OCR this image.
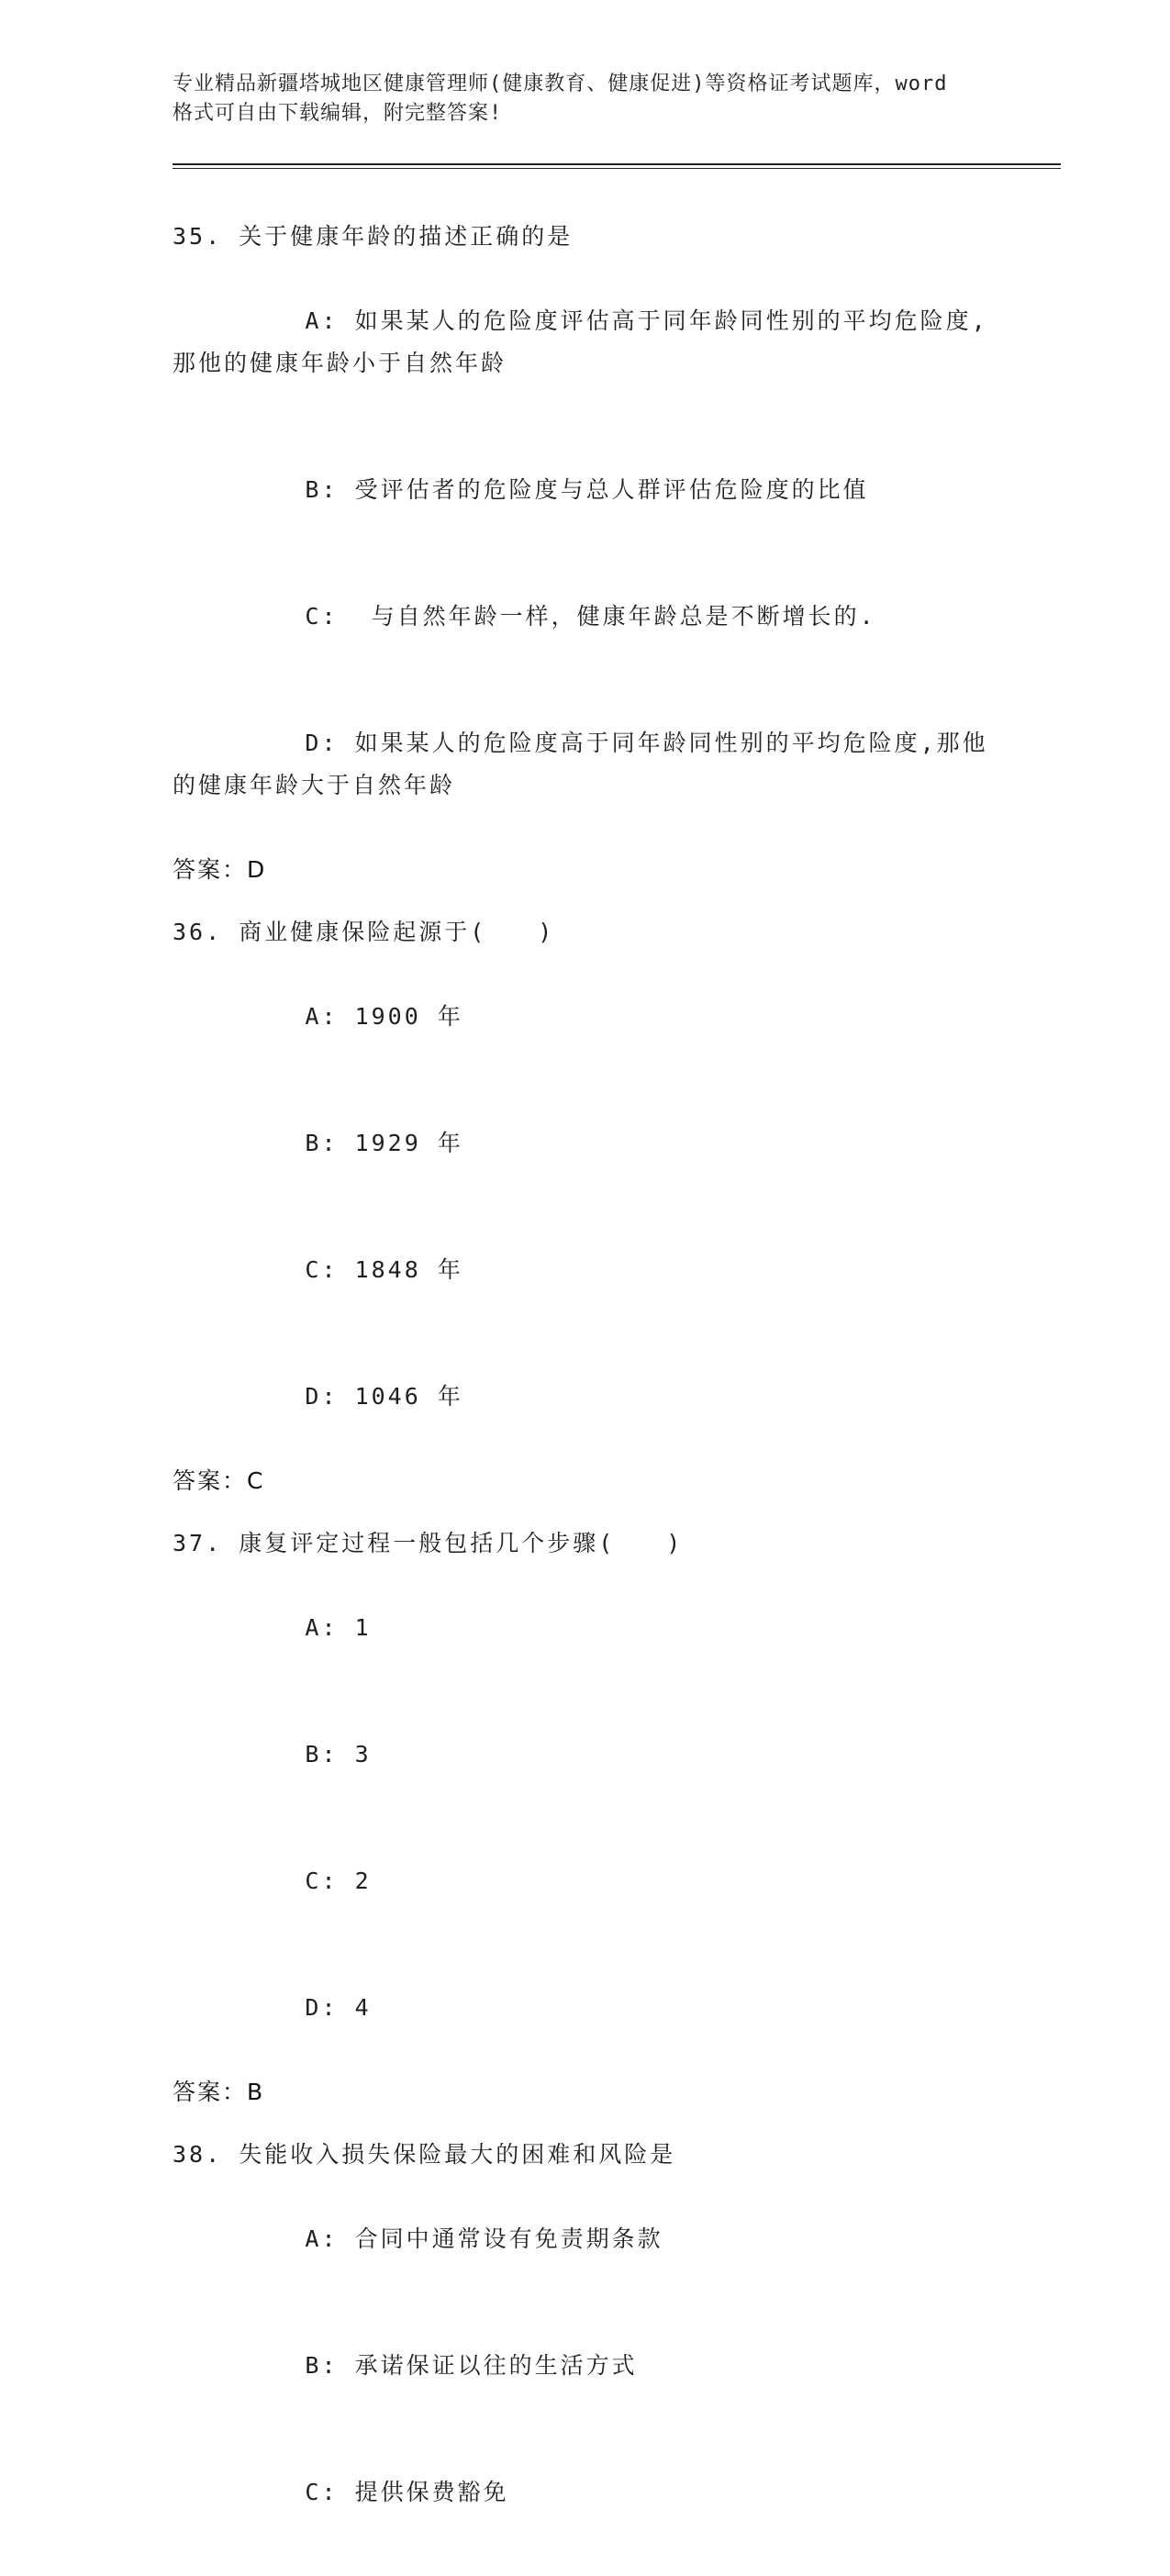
专业精品新疆塔城地区健康管理师(健康教育、健康促进)等资格证考试题库，word
格式可自由下载编辑，附完整答案!
35. 关于健康年龄的描述正确的是

A: 如果某人的危险度评估高于同年龄同性别的平均危险度,那他的健康年龄小于自然年龄

B: 受评估者的危险度与总人群评估危险度的比值

C:  与自然年龄一样，健康年龄总是不断增长的.

D: 如果某人的危险度高于同年龄同性别的平均危险度,那他的健康年龄大于自然年龄

答案：D
36. 商业健康保险起源于(　　)

A: 1900 年

B: 1929 年

C: 1848 年

D: 1046 年

答案：C
37. 康复评定过程一般包括几个步骤(　　)

A: 1

B: 3

C: 2

D: 4

答案：B
38. 失能收入损失保险最大的困难和风险是

A: 合同中通常设有免责期条款

B: 承诺保证以往的生活方式

C: 提供保费豁免
